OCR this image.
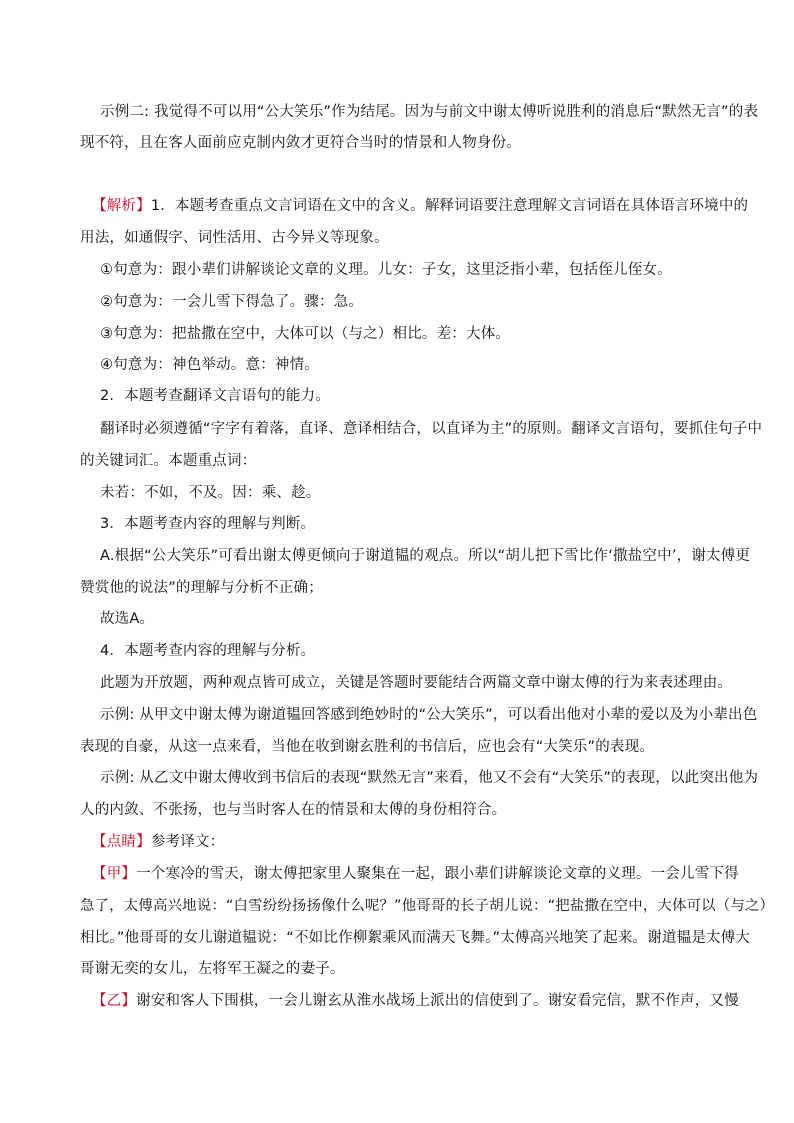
示例二: 我觉得不可以用“公大笑乐”作为结尾。因为与前文中谢太傅听说胜利的消息后“默然无言”的表
现不符，且在客人面前应克制内敛才更符合当时的情景和人物身份。
【解析】1．本题考查重点文言词语在文中的含义。解释词语要注意理解文言词语在具体语言环境中的
用法，如通假字、词性活用、古今异义等现象。
①句意为：跟小辈们讲解谈论文章的义理。儿女：子女，这里泛指小辈，包括侄儿侄女。
②句意为：一会儿雪下得急了。骤：急。
③句意为：把盐撒在空中，大体可以（与之）相比。差：大体。
④句意为：神色举动。意：神情。
2．本题考查翻译文言语句的能力。
翻译时必须遵循“字字有着落，直译、意译相结合，以直译为主”的原则。翻译文言语句，要抓住句子中
的关键词汇。本题重点词：
未若：不如，不及。因：乘、趁。
3．本题考查内容的理解与判断。
A.根据“公大笑乐”可看出谢太傅更倾向于谢道韫的观点。所以“胡儿把下雪比作‘撒盐空中’，谢太傅更
赞赏他的说法”的理解与分析不正确；
故选A。
4．本题考查内容的理解与分析。
此题为开放题，两种观点皆可成立，关键是答题时要能结合两篇文章中谢太傅的行为来表述理由。
示例: 从甲文中谢太傅为谢道韫回答感到绝妙时的“公大笑乐”，可以看出他对小辈的爱以及为小辈出色
表现的自豪，从这一点来看，当他在收到谢玄胜利的书信后，应也会有“大笑乐”的表现。
示例: 从乙文中谢太傅收到书信后的表现“默然无言”来看，他又不会有“大笑乐”的表现，以此突出他为
人的内敛、不张扬，也与当时客人在的情景和太傅的身份相符合。
【点睛】参考译文：
【甲】一个寒冷的雪天，谢太傅把家里人聚集在一起，跟小辈们讲解谈论文章的义理。一会儿雪下得
急了，太傅高兴地说：“白雪纷纷扬扬像什么呢？”他哥哥的长子胡儿说：“把盐撒在空中，大体可以（与之）
相比。”他哥哥的女儿谢道韫说：“不如比作柳絮乘风而满天飞舞。”太傅高兴地笑了起来。谢道韫是太傅大
哥谢无奕的女儿，左将军王凝之的妻子。
【乙】谢安和客人下围棋，一会儿谢玄从淮水战场上派出的信使到了。谢安看完信，默不作声，又慢
